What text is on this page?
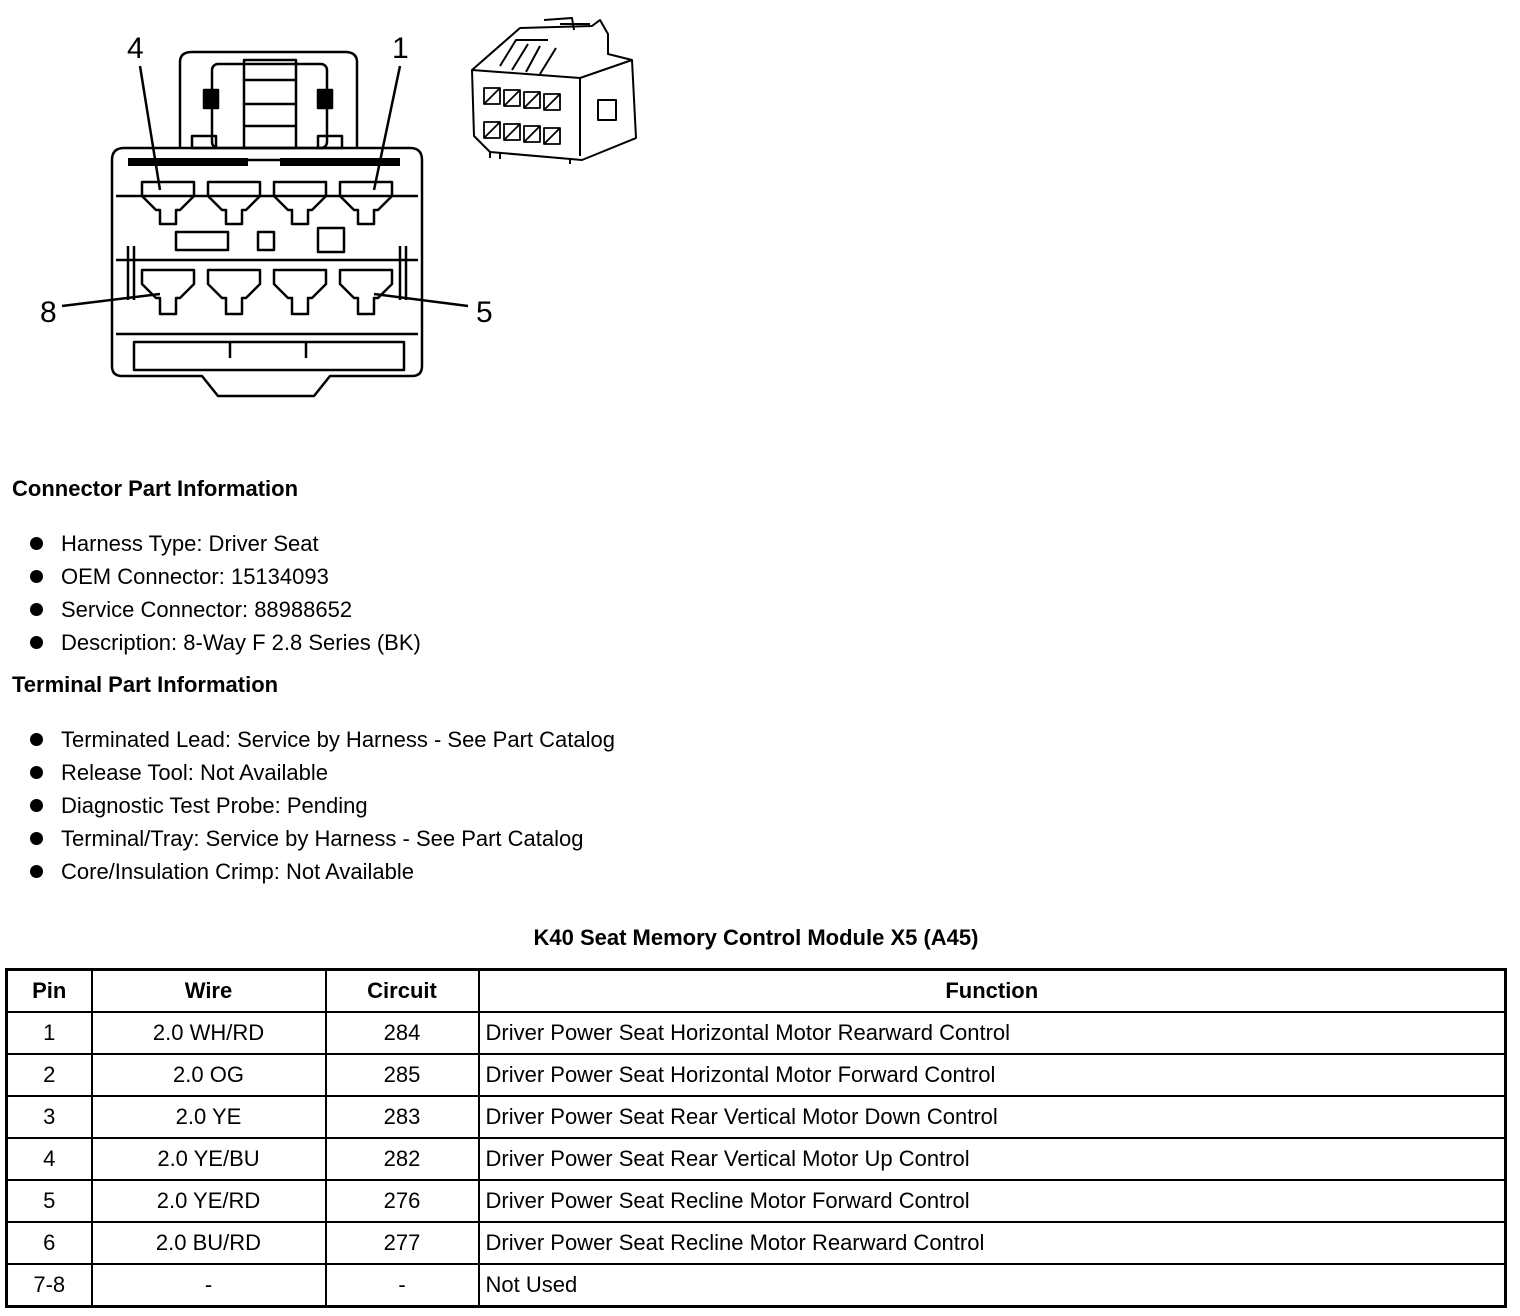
4	1
8	5
Connector Part Information
Harness Type: Driver Seat
OEM Connector: 15134093
Service Connector: 88988652
Description: 8-Way F 2.8 Series (BK)
Terminal Part Information
Terminated Lead: Service by Harness - See Part Catalog
Release Tool: Not Available
Diagnostic Test Probe: Pending
Terminal/Tray: Service by Harness - See Part Catalog
Core/Insulation Crimp: Not Available
K40 Seat Memory Control Module X5 (A45)
Pin	Wire	Circuit	Function
1	2.0 WH/RD	284	Driver Power Seat Horizontal Motor Rearward Control
2	2.0 OG	285	Driver Power Seat Horizontal Motor Forward Control
3	2.0 YE	283	Driver Power Seat Rear Vertical Motor Down Control
4	2.0 YE/BU	282	Driver Power Seat Rear Vertical Motor Up Control
5	2.0 YE/RD	276	Driver Power Seat Recline Motor Forward Control
6	2.0 BU/RD	277	Driver Power Seat Recline Motor Rearward Control
7-8	-	-	Not Used
